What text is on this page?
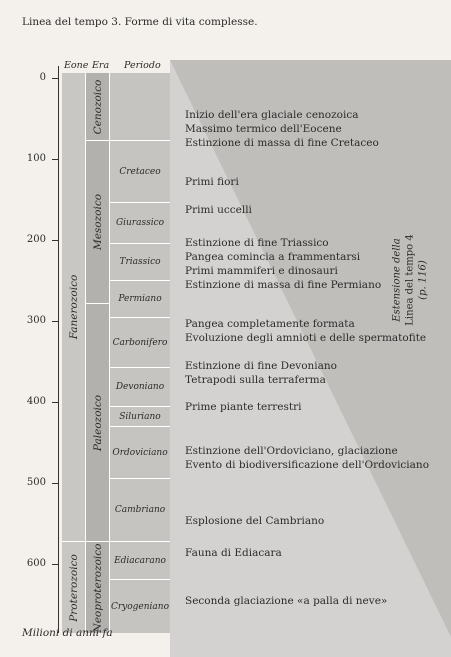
Linea del tempo 3. Forme di vita complesse.
Eone Era Periodo
Fanerozoico
Proterozoico
Cenozoico
Mesozoico
Paleozoico
Neoproterozoico
Cretaceo
Giurassico
Triassico
Permiano
Carbonifero
Devoniano
Siluriano
Ordoviciano
Cambriano
Ediacarano
Cryogeniano
0
100
200
300
400
500
600
Inizio dell'era glaciale cenozoica
Massimo termico dell'Eocene
Estinzione di massa di fine Cretaceo
Primi fiori
Primi uccelli
Estinzione di fine Triassico
Pangea comincia a frammentarsi
Primi mammiferi e dinosauri
Estinzione di massa di fine Permiano
Pangea completamente formata
Evoluzione degli amnioti e delle spermatofite
Estinzione di fine Devoniano
Tetrapodi sulla terraferma
Prime piante terrestri
Estinzione dell'Ordoviciano, glaciazione
Evento di biodiversificazione dell'Ordoviciano
Esplosione del Cambriano
Fauna di Ediacara
Seconda glaciazione «a palla di neve»
Estensione della Linea del tempo 4 (p. 116)
Milioni di anni fa
